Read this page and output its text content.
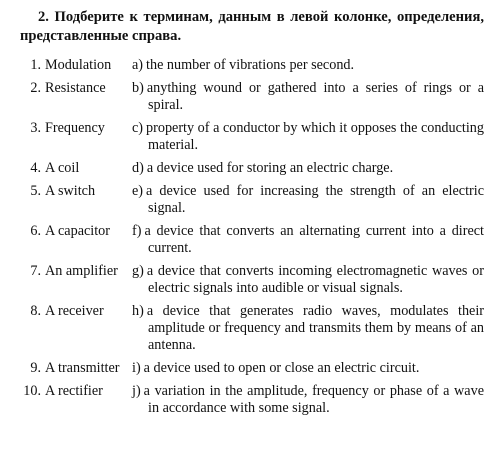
2. Подберите к терминам, данным в левой колонке, определения, представленные справа.
1. Modulation	a) the number of vibrations per second.
2. Resistance	b) anything wound or gathered into a series of rings or a spiral.
3. Frequency	c) property of a conductor by which it opposes the conducting material.
4. A coil	d) a device used for storing an electric charge.
5. A switch	e) a device used for increasing the strength of an electric signal.
6. A capacitor	f) a device that converts an alternating current into a direct current.
7. An amplifier g) a device that converts incoming electromagnetic waves or electric signals into audible or visual signals.
8. A receiver	h) a device that generates radio waves, modulates their amplitude or frequency and transmits them by means of an antenna.
9. A transmitter i) a device used to open or close an electric circuit.
10. A rectifier	j) a variation in the amplitude, frequency or phase of a wave in accordance with some signal.
